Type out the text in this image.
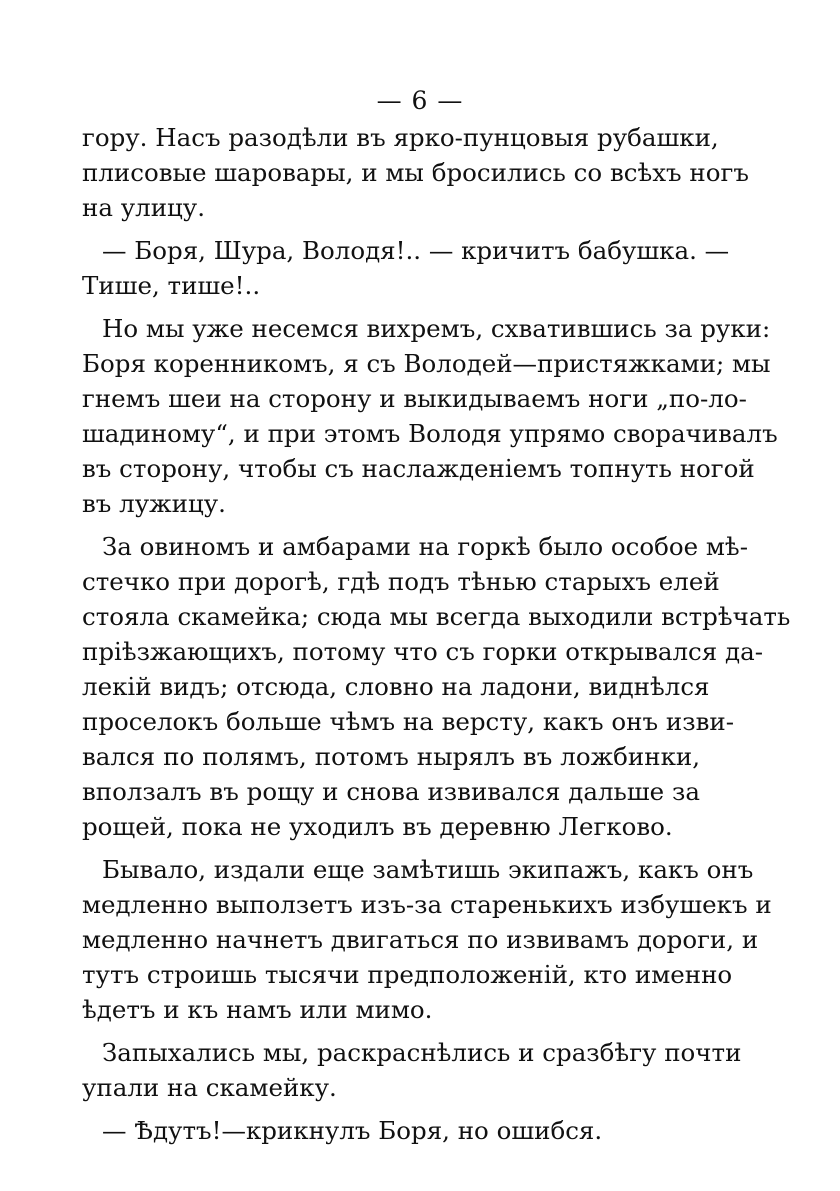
— 6 —
гору. Насъ разодѣли въ ярко-пунцовыя рубашки,
плисовые шаровары, и мы бросились со всѣхъ ногъ
на улицу.
— Боря, Шура, Володя!.. — кричитъ бабушка. —
Тише, тише!..
Но мы уже несемся вихремъ, схватившись за руки:
Боря коренникомъ, я съ Володей—пристяжками; мы
гнемъ шеи на сторону и выкидываемъ ноги „по-ло-
шадиному“, и при этомъ Володя упрямо сворачивалъ
въ сторону, чтобы съ наслажденіемъ топнуть ногой
въ лужицу.
За овиномъ и амбарами на горкѣ было особое мѣ-
стечко при дорогѣ, гдѣ подъ тѣнью старыхъ елей
стояла скамейка; сюда мы всегда выходили встрѣчать
пріѣзжающихъ, потому что съ горки открывался да-
лекій видъ; отсюда, словно на ладони, виднѣлся
проселокъ больше чѣмъ на версту, какъ онъ изви-
вался по полямъ, потомъ нырялъ въ ложбинки,
вползалъ въ рощу и снова извивался дальше за
рощей, пока не уходилъ въ деревню Легково.
Бывало, издали еще замѣтишь экипажъ, какъ онъ
медленно выползетъ изъ-за старенькихъ избушекъ и
медленно начнетъ двигаться по извивамъ дороги, и
тутъ строишь тысячи предположеній, кто именно
ѣдетъ и къ намъ или мимо.
Запыхались мы, раскраснѣлись и сразбѣгу почти
упали на скамейку.
— Ѣдутъ!—крикнулъ Боря, но ошибся.
